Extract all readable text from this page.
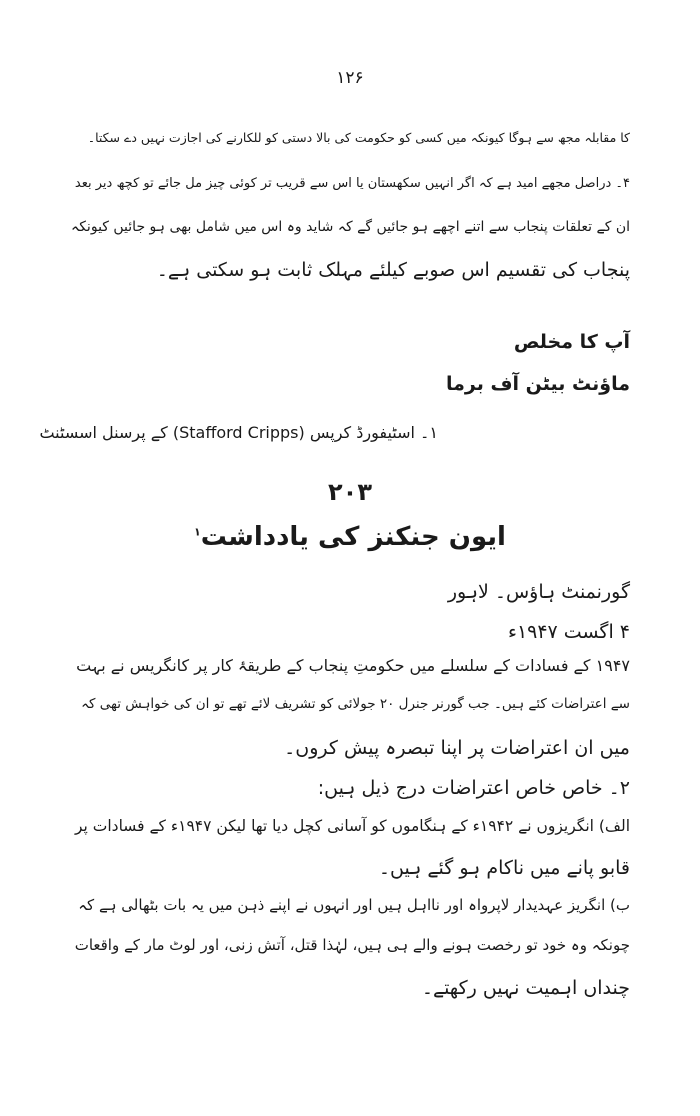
۱۲۶
کا مقابلہ مجھ سے ہوگا کیونکہ میں کسی کو حکومت کی بالا دستی کو للکارنے کی اجازت نہیں دے سکتا۔
۴۔ دراصل مجھے امید ہے کہ اگر انہیں سکھستان یا اس سے قریب تر کوئی چیز مل جائے تو کچھ دیر بعد
ان کے تعلقات پنجاب سے اتنے اچھے ہو جائیں گے کہ شاید وہ اس میں شامل بھی ہو جائیں کیونکہ
پنجاب کی تقسیم اس صوبے کیلئے مہلک ثابت ہو سکتی ہے۔
آپ کا مخلص
ماؤنٹ بیٹن آف برما
۱۔ اسٹیفورڈ کرپس (Stafford Cripps) کے پرسنل اسسٹنٹ
۲۰۳
ایون جنکنز کی یادداشت$^۱$
گورنمنٹ ہاؤس۔ لاہور
۴ اگست ۱۹۴۷ء
۱۹۴۷ کے فسادات کے سلسلے میں حکومتِ پنجاب کے طریقۂ کار پر کانگریس نے بہت
سے اعتراضات کئے ہیں۔ جب گورنر جنرل ۲۰ جولائی کو تشریف لائے تھے تو ان کی خواہش تھی کہ
میں ان اعتراضات پر اپنا تبصرہ پیش کروں۔
۲۔ خاص خاص اعتراضات درج ذیل ہیں:
الف) انگریزوں نے ۱۹۴۲ء کے ہنگاموں کو آسانی کچل دیا تھا لیکن ۱۹۴۷ء کے فسادات پر
قابو پانے میں ناکام ہو گئے ہیں۔
ب) انگریز عہدیدار لاپرواہ اور نااہل ہیں اور انہوں نے اپنے ذہن میں یہ بات بٹھالی ہے کہ
چونکہ وہ خود تو رخصت ہونے والے ہی ہیں، لہٰذا قتل، آتش زنی، اور لوٹ مار کے واقعات
چنداں اہمیت نہیں رکھتے۔
